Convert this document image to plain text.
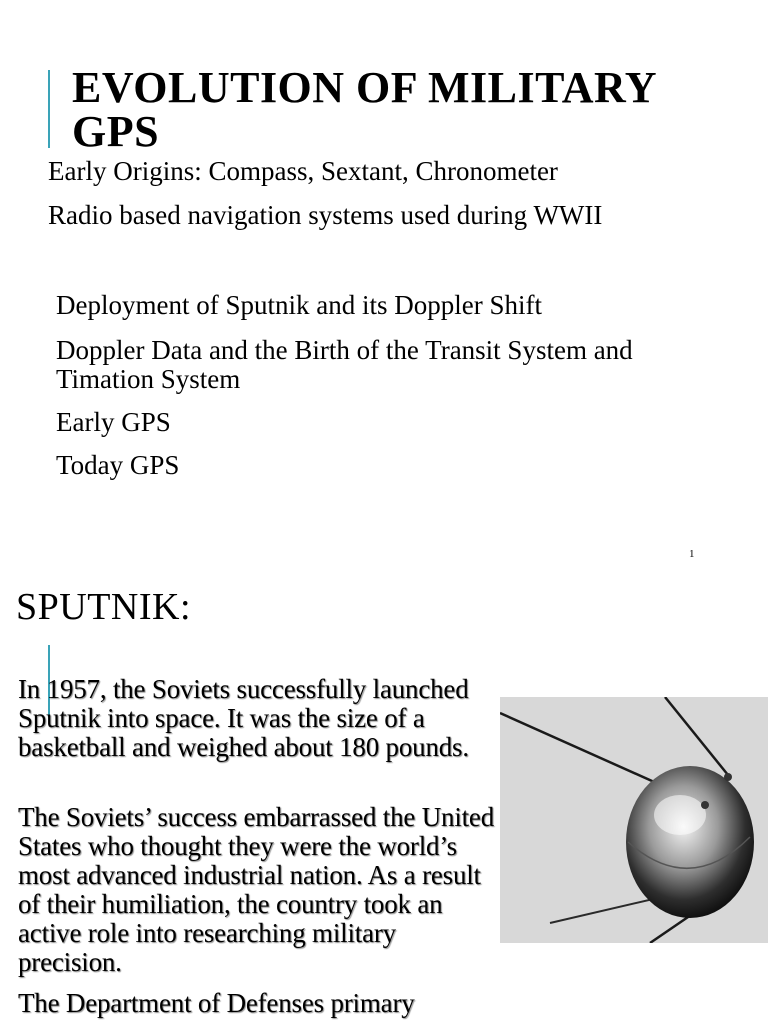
EVOLUTION OF MILITARY GPS

Early Origins: Compass, Sextant, Chronometer

Radio based navigation systems used during WWII

Deployment of Sputnik and its Doppler Shift

Doppler Data and the Birth of the Transit System and Timation System

Early GPS

Today GPS

1
SPUTNIK:

In 1957, the Soviets successfully launched Sputnik into space. It was the size of a basketball and weighed about 180 pounds.

The Soviets’ success embarrassed the United States who thought they were the world’s most advanced industrial nation. As a result of their humiliation, the country took an active role into researching military precision.

The Department of Defenses primary
